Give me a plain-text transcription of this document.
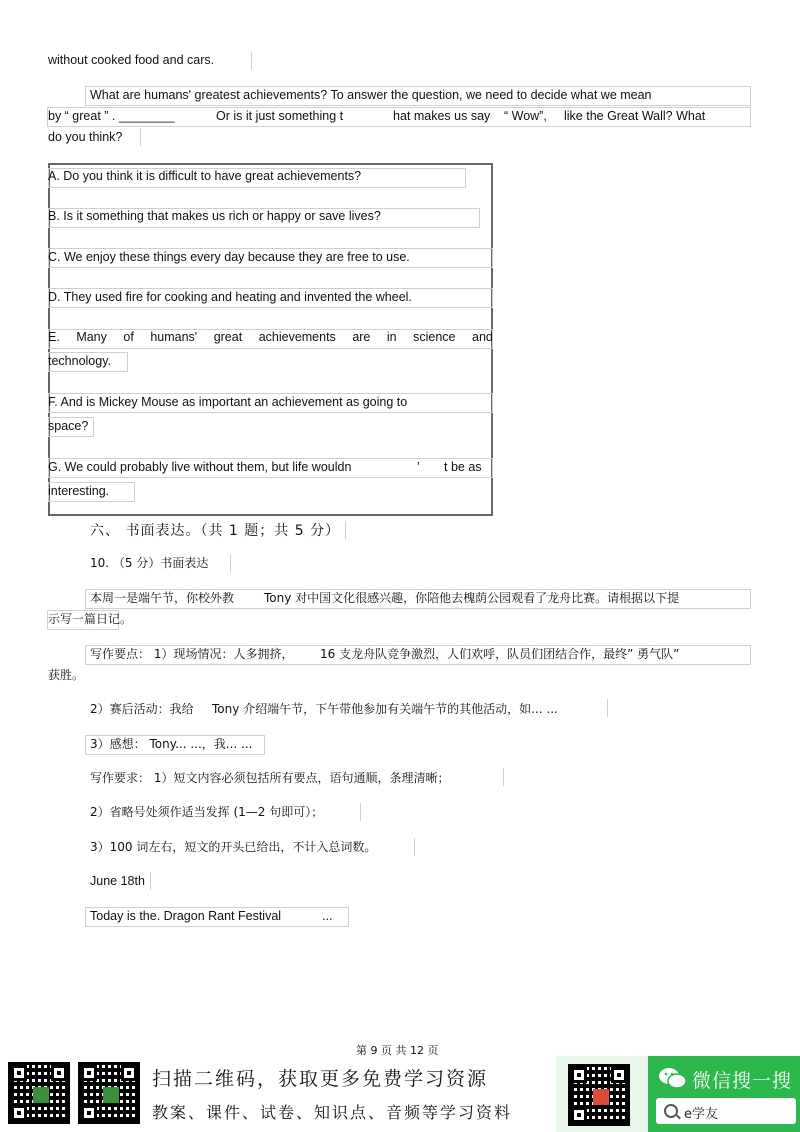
without cooked food and cars.
What are humans' greatest achievements? To answer the question, we need to decide what we mean
by “ great ” . ________	Or is it just something t	hat makes us say “ Wow”, like the Great Wall? What
do you think?
A. Do you think it is difficult to have great achievements?
B. Is it something that makes us rich or happy or save lives?
C. We enjoy these things every day because they are free to use.
D. They used fire for cooking and heating and invented the wheel.
E. Many of humans' great achievements are in science and
technology.
F. And is Mickey Mouse as important an achievement as going to
space?
G. We could probably live without them, but life wouldn	’ t be as
interesting.
六、 书面表达。（共 1 题；共 5 分）
10. （5 分）书面表达
本周一是端午节，你校外教 Tony 对中国文化很感兴趣，你陪他去槐荫公园观看了龙舟比赛。请根据以下提
示写一篇日记。
写作要点： 1）现场情况：人多拥挤， 16 支龙舟队竞争激烈，人们欢呼，队员们团结合作，最终” 勇气队”
获胜。
2）赛后活动：我给 Tony 介绍端午节，下午带他参加有关端午节的其他活动，如... ...
3）感想： Tony... ...，我... ...
写作要求： 1）短文内容必须包括所有要点，语句通顺，条理清晰；
2）省略号处须作适当发挥 (1—2 句即可）；
3）100 词左右，短文的开头已给出，不计入总词数。
June 18th
Today is the. Dragon Rant Festival	...
第 9 页 共 12 页
扫描二维码，获取更多免费学习资源
教案、课件、试卷、知识点、音频等学习资料
微信搜一搜
e学友
